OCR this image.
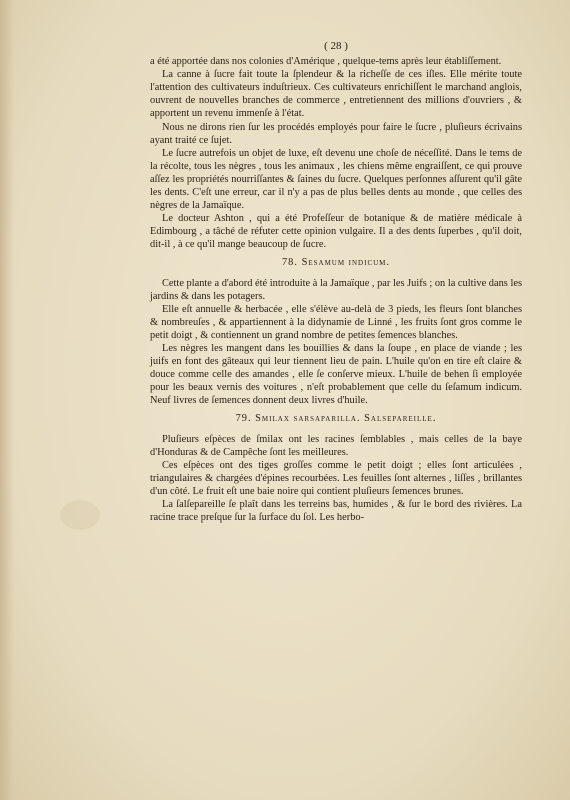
( 28 )

a été apportée dans nos colonies d'Amérique , quelque-tems après leur établiſſement.

La canne à ſucre fait toute la ſplendeur & la richeſſe de ces iſles. Elle mérite toute l'attention des cultivateurs induſtrieux. Ces cultivateurs enrichiſſent le marchand anglois, ouvrent de nouvelles branches de commerce , entretiennent des millions d'ouvriers , & apportent un revenu immenſe à l'état.

Nous ne dirons rien ſur les procédés employés pour faire le ſucre , pluſieurs écrivains ayant traité ce ſujet.

Le ſucre autrefois un objet de luxe, eſt devenu une choſe de néceſſité. Dans le tems de la récolte, tous les nègres , tous les animaux , les chiens même engraiſſent, ce qui prouve aſſez les propriétés nourriſſantes & ſaines du ſucre. Quelques perſonnes aſſurent qu'il gâte les dents. C'eſt une erreur, car il n'y a pas de plus belles dents au monde , que celles des nègres de la Jamaïque.

Le docteur Ashton , qui a été Profeſſeur de botanique & de matière médicale à Edimbourg , a tâché de réfuter cette opinion vulgaire. Il a des dents ſuperbes , qu'il doit, dit-il , à ce qu'il mange beaucoup de ſucre.

78. Sesamum indicum.

Cette plante a d'abord été introduite à la Jamaïque , par les Juifs ; on la cultive dans les jardins & dans les potagers.

Elle eſt annuelle & herbacée , elle s'élève au-delà de 3 pieds, les fleurs ſont blanches & nombreuſes , & appartiennent à la didynamie de Linné , les fruits ſont gros comme le petit doigt , & contiennent un grand nombre de petites ſemences blanches.

Les nègres les mangent dans les bouillies & dans la ſoupe , en place de viande ; les juifs en font des gâteaux qui leur tiennent lieu de pain. L'huile qu'on en tire eſt claire & douce comme celle des amandes , elle ſe conſerve mieux. L'huile de behen ſi employée pour les beaux vernis des voitures , n'eſt probablement que celle du ſeſamum indicum. Neuf livres de ſemences donnent deux livres d'huile.

79. Smilax sarsaparilla. Salſepareille.

Pluſieurs eſpèces de ſmilax ont les racines ſemblables , mais celles de la baye d'Honduras & de Campêche ſont les meilleures.

Ces eſpèces ont des tiges groſſes comme le petit doigt ; elles ſont articulées , triangulaires & chargées d'épines recourbées. Les feuilles ſont alternes , liſſes , brillantes d'un côté. Le fruit eſt une baie noire qui contient pluſieurs ſemences brunes.

La ſalſepareille ſe plaît dans les terreins bas, humides , & ſur le bord des rivières. La racine trace preſque ſur la ſurface du ſol. Les herbo-
